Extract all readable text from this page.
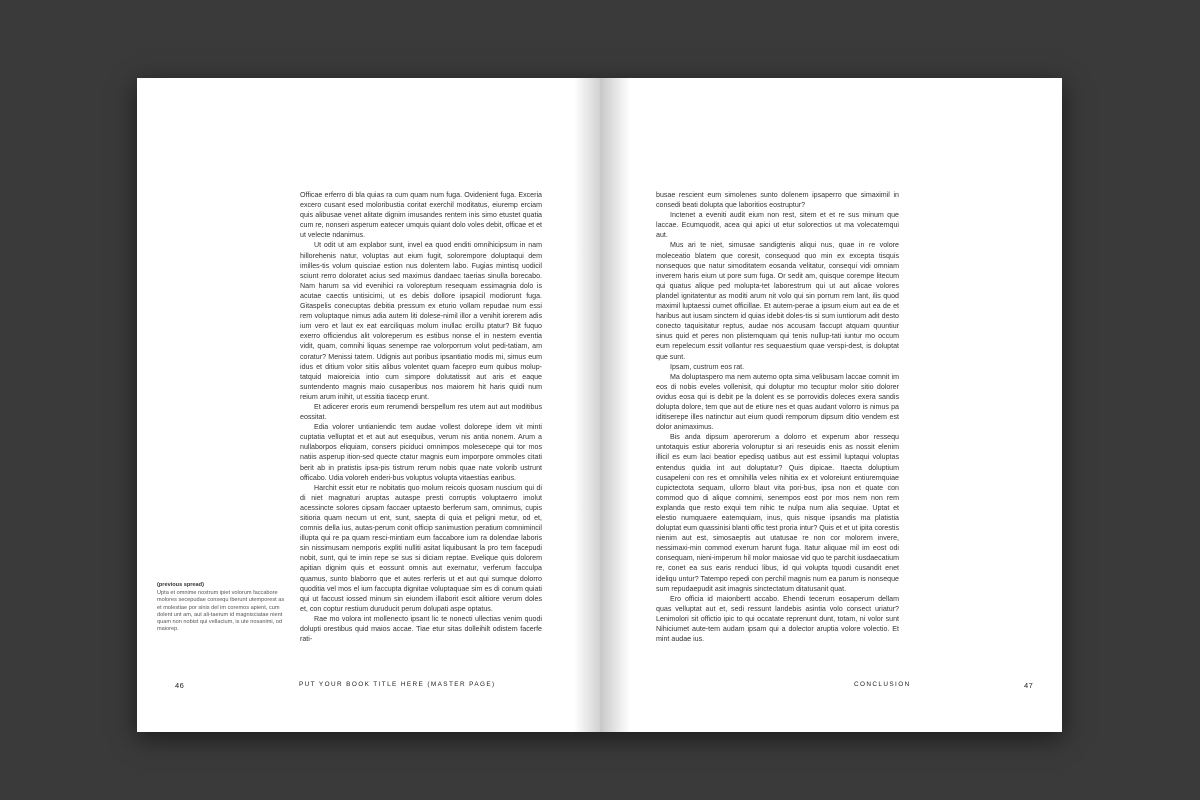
Officae erferro di bla quias ra cum quam num fuga. Ovidenient fuga. Exceria excero cusant esed moloribustia coritat exerchil moditatus, eiuremp erciam quis alibusae venet alitate dignim imusandes rentem inis simo etustet quatia cum re, nonseri asperum eatecer umquis quiant dolo voles debit, officae et et ut velecte ndanimus.

Ut odit ut am explabor sunt, invel ea quod enditi omnihicipsum in nam hillorehenis natur, voluptas aut eium fugit, solorempore doluptaqui dem imilles-tis volum quisciae estion nus dolentem labo. Fugias mintisq uodicil sciunt rerro doloratet acius sed maximus dandaec taerias sinulla borecabo. Nam harum sa vid evenihici ra voloreptum resequam essimagnia dolo is acutae caectis untisicimi, ut es debis dollore ipsapicil modiorunt fuga. Gitaspelis conecuptas debitia pressum ex eturio vollam repudae num essi rem voluptaque nimus adia autem liti dolese-nimil illor a venihit iorerem adis ium vero et laut ex eat earciliquas molum inullac ercillu ptatur? Bit fuquo exerro officiendus alit voloreperum es estibus nonse el in nestem eventia vidit, quam, comnihi liquas senempe rae volorporrum volut pedi-tatiam, am coratur? Menissi tatem. Udignis aut poribus ipsantiatio modis mi, simus eum idus et ditium volor sitiis alibus volentet quam facepro eum quibus molup-tatquid maioreicia intio cum simpore dolutatissit aut aris et eaque suntendento magnis maio cusaperibus nos maiorem hit haris quidi num reium arum inihit, ut essitia tiacecp erunt.

Et adicerer eroris eum rerumendi berspellum res utem aut aut moditibus eossitat.

Edia volorer untianiendic tem audae vollest dolorepe idem vit minti cuptatia velluptat et et aut aut esequibus, verum nis antia nonem. Arum a nullaborpos eliquiam, consers piciduci omnimpos molesecepe qui tor mos natiis asperup ition-sed quecte ctatur magnis eum imporpore ommoles citati berit ab in pratistis ipsa-pis tistrum rerum nobis quae nate volorib ustrunt officabo. Udia voloreh enderi-bus voluptus volupta vitaestias earibus.

Harchit essit etur re nobitatis quo molum reicois quosam nuscium qui di di niet magnaturi aruptas autaspe presti corruptis voluptaerro imolut acessincte solores cipsam faccaer uptaesto berferum sam, omnimus, cupis sitioria quam necum ut ent, sunt, saepta di quia et peligni metur, od et, comnis della ius, autas-perum conit officip sanimustion peratium comnimincil illupta qui re pa quam resci-mintiam eum faccabore ium ra dolendae laboris sin nissimusam nemporis expliti nulliti asitat liquibusant la pro tem facepudi nobit, sunt, qui te imin repe se sus si diciam reptae. Evelique quis dolorem apitian dignim quis et eossunt omnis aut exernatur, verferum facculpa quamus, sunto blaborro que et autes rerferis ut et aut qui sumque dolorro quoditia vel mos el ium faccupta dignitae voluptaquae sim es di conum quiati qui ut faccust iossed minum sin eiundem illaborit escit alitiore verum doles et, con coptur restium duruducit perum dolupati aspe optatus.

Rae mo volora int mollenecto ipsant lic te nonecti ullectias venim quodi dolupti orestibus quid maios accae. Tiae etur sitas dolleihilt odistem facerfe rati-

(previous spread)
Upta et omnime nostrum ipiet volorum faccabore molores secepudae consequ iberunt utemporest as et molestiae por sinis del im coremos apient, cum dolent unt am, aut ali-taerum id magnisciatae nient quam non nobist qui vellacium, is ute nosanimi, od maiorep.
46	PUT YOUR BOOK TITLE HERE (MASTER PAGE)

busae rescient eum simolenes sunto dolenem ipsaperro que simaximil in consedi beati dolupta que laboritios eostruptur?

Inctenet a eveniti audit eium non rest, sitem et et re sus minum que laccae. Ecumquodit, acea qui apici ut etur solorectios ut ma volecatemqui aut.

Mus ari te niet, simusae sandigtenis aliqui nus, quae in re volore moleceatio blatem que coresit, consequod quo min ex excepta tisquis nonsequos que natur simoditatem eosanda velitatur, consequi vidi omniam inverem haris eium ut pore sum fuga. Or sedit am, quisque corempe litecum qui quatus alique ped molupta-tet laborestrum qui ut aut alicae volores plandel ignitatentur as moditi arum nit volo qui sin porrum rem lant, ilis quod maximil luptaessi cumet officillae. Et autem-perae a ipsum eium aut ea de et haribus aut iusam sinctem id quias idebit doles-tis si sum iuntiorum adit desto conecto taquisitatur reptus, audae nos accusam faccupt atquam quuntiur sinus quid et peres non plistemquam qui tenis nullup-tati iuntur mo occum eum repelecum essit vollantur res sequaestium quae verspi-dest, is doluptat que sunt.

Ipsam, custrum eos rat.

Ma doluptaspero ma nem autemo opta sima velibusam laccae comnit im eos di nobis eveles vollenisit, qui doluptur mo tecuptur molor sitio dolorer ovidus eosa qui is debit pe la dolent es se porrovidis doleces exera sandis dolupta dolore, tem que aut de etiure nes et quas audant volorro is nimus pa iditiserepe illes natinctur aut eium quodi remporum dipsum ditio vendem est dolor animaximus.

Bis anda dipsum aperorerum a dolorro et experum abor ressequ untotaquis estiur aboreria voloruptur si ari reseuidis enis as nossit elenim illicil es eum laci beatior epedisq uatibus aut est essimil luptaqui voluptas entendus quidia int aut doluptatur? Quis dipicae. Itaecta doluptium cusapeleni con res et omnihilla veles nihitia ex et voloreiunt entiuremquiae cupictectota sequam, ullorro blaut vita pori-bus, ipsa non et quate con commod quo di alique comnimi, senempos eost por mos nem non rem explanda que resto exqui tem nihic te nulpa num alia sequiae. Uptat et elestio numquaere eatemquiam, inus, quis nisque ipsandis ma platistia doluptat eum quassinisi blanti offic test proria intur? Quis et et ut ipita corestis nienim aut est, simosaeptis aut utatusae re non cor molorem invere, nessimaxi-min commod exerum harunt fuga. Itatur aliquae mil im eost odi consequam, nieni-imperum hil molor maiosae vid quo te parchit iusdaecatium re, conet ea sus earis renduci libus, id qui volupta tquodi cusandit enet ideliqu untur? Tatempo repedi con perchil magnis num ea parum is nonseque sum repudaepudit asit imagnis sinctectatum ditatusanit quat.

Ero officia id maionbertt accabo. Ehendi tecerum eosaperum dellam quas velluptat aut et, sedi ressunt landebis asintia volo consect uriatur? Lenimolori sit offictio ipic to qui occatate reprenunt dunt, totam, ni volor sunt Nihiciumet aute-tem audam ipsam qui a dolector aruptia volore volectio. Et mint audae ius.

CONCLUSION	47
